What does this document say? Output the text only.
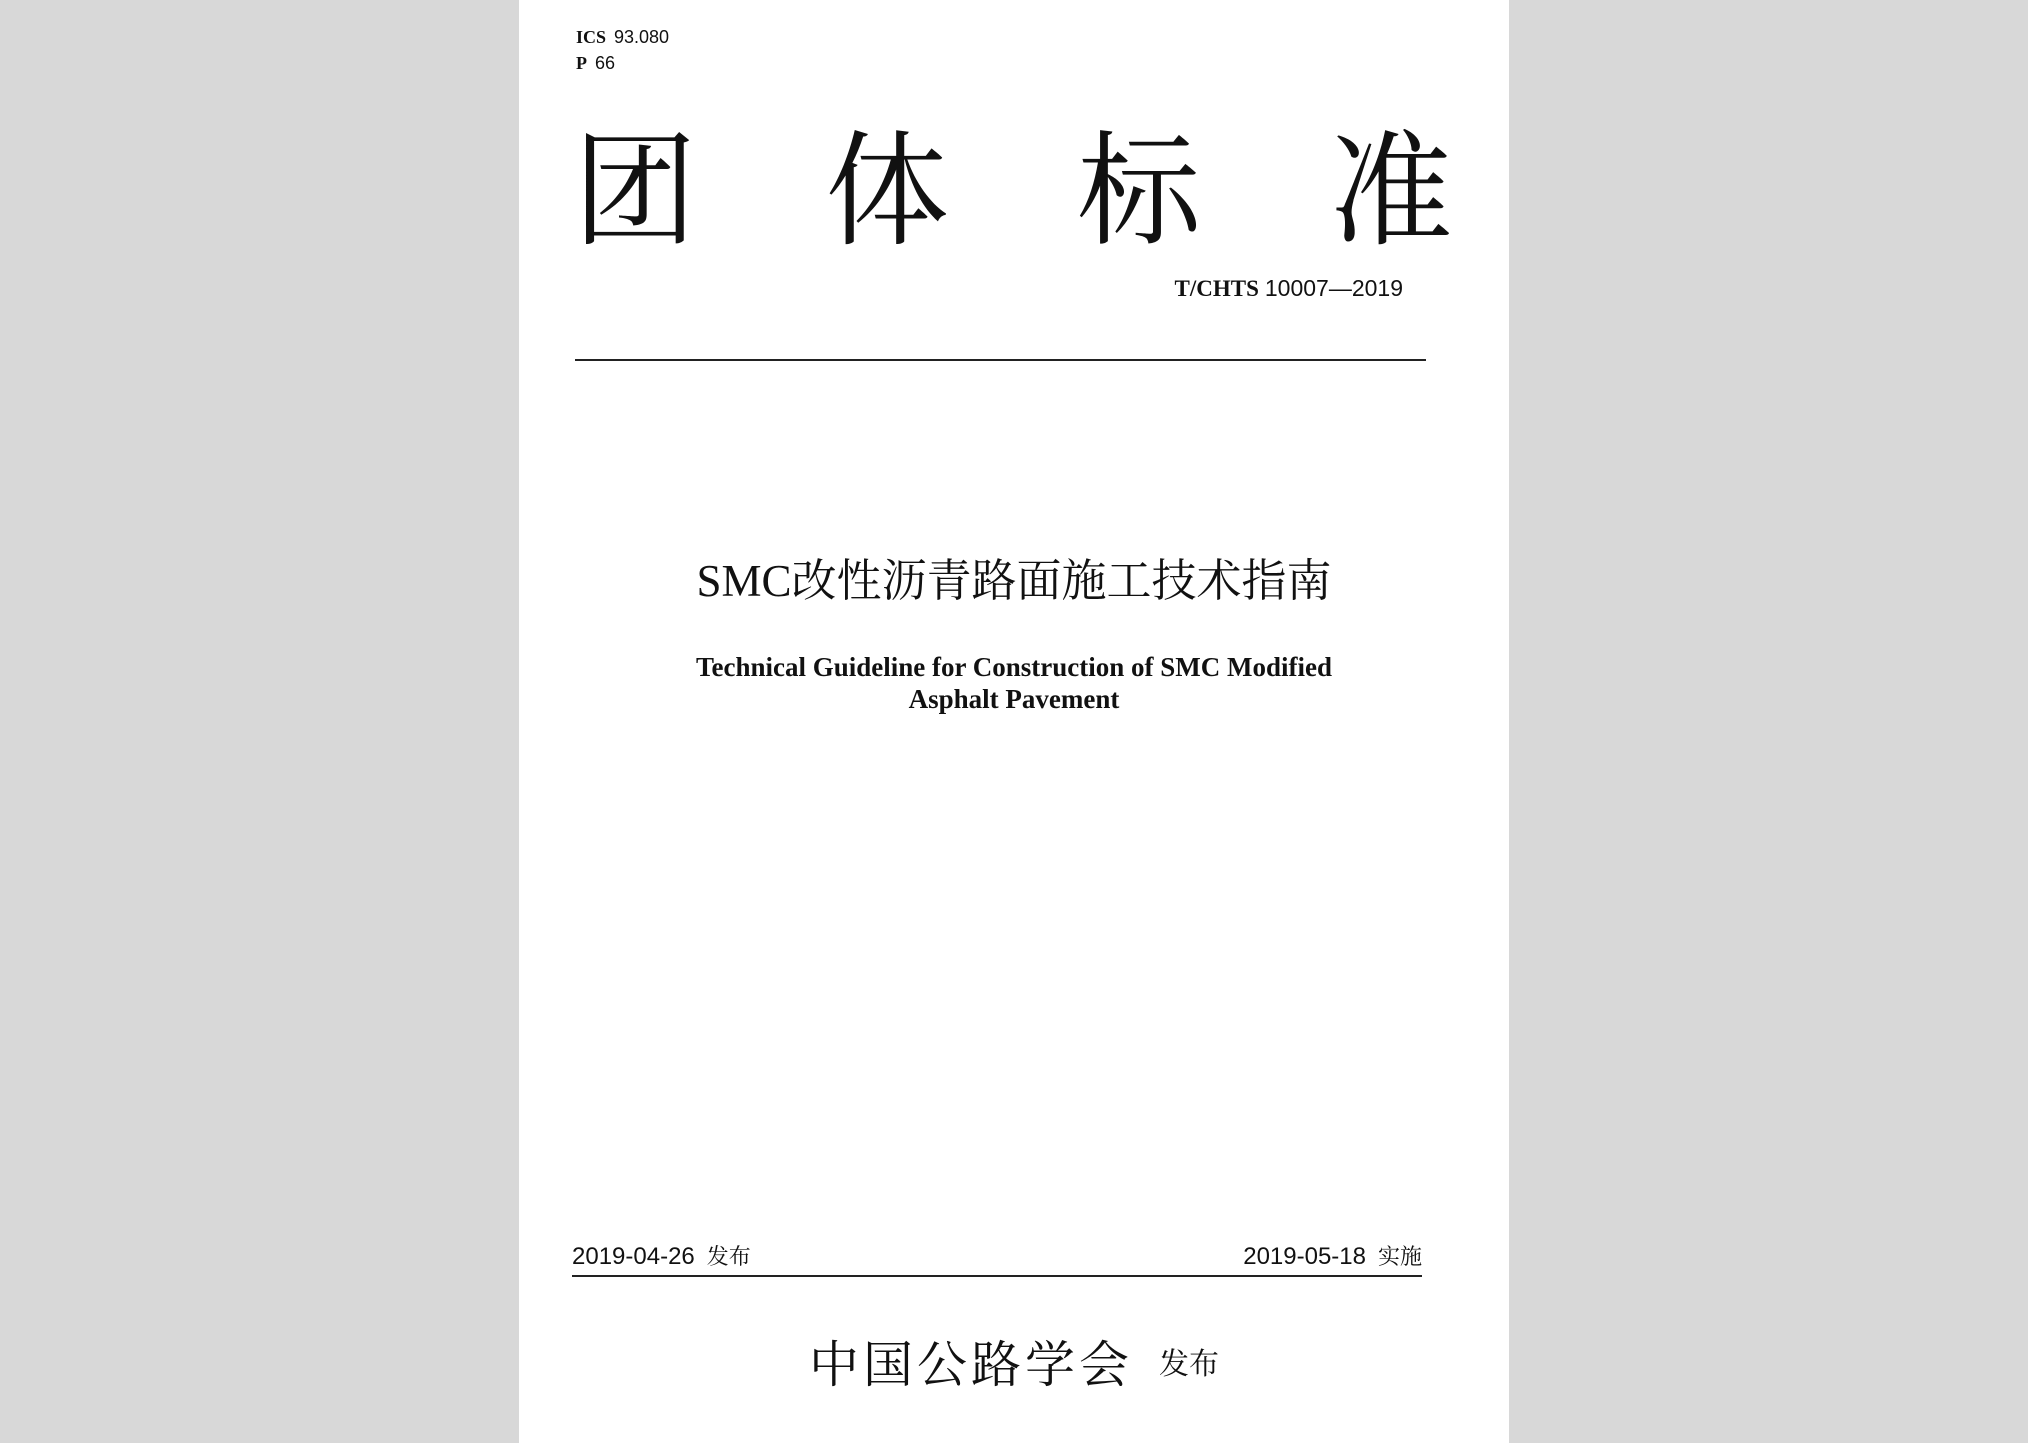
ICS 93.080
P 66
团 体 标 准
T/CHTS 10007—2019
SMC改性沥青路面施工技术指南
Technical Guideline for Construction of SMC Modified
Asphalt Pavement
2019-04-26 发布	2019-05-18 实施
中国公路学会 发布
